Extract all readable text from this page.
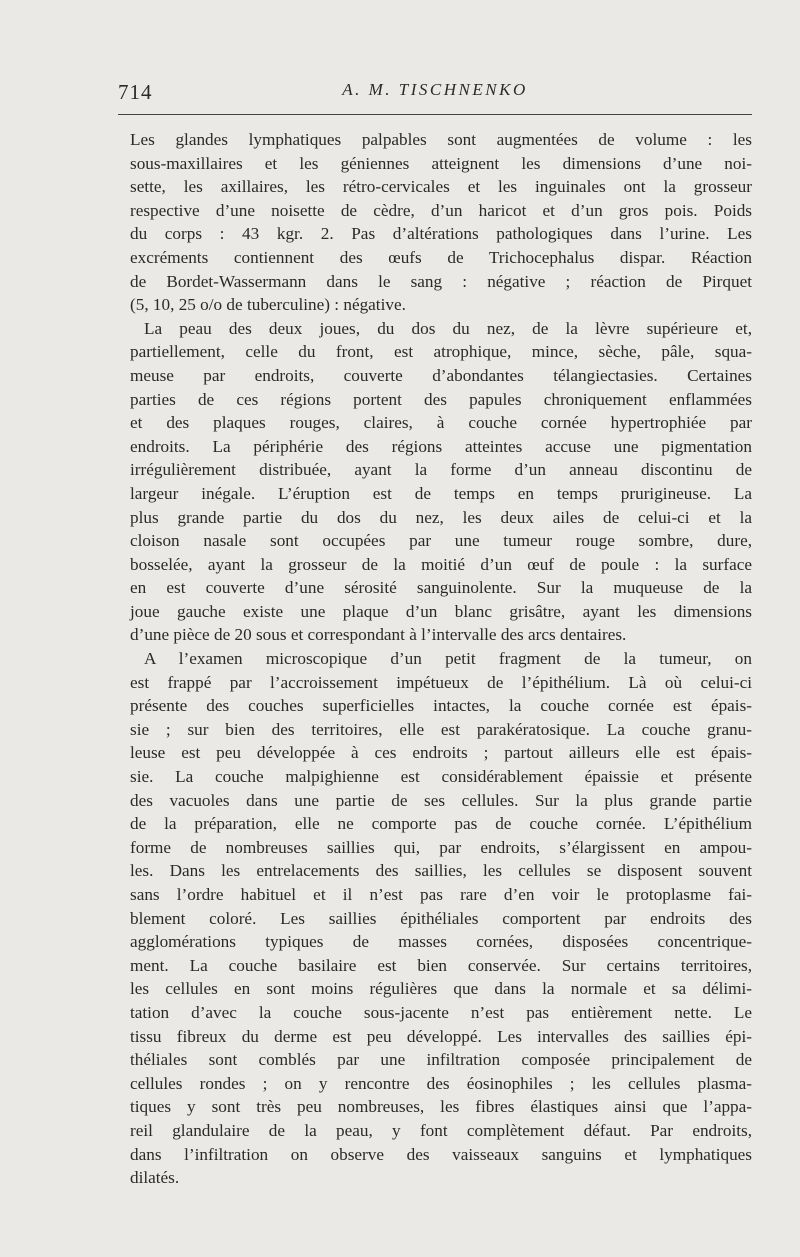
714	A. M. TISCHNENKO
Les glandes lymphatiques palpables sont augmentées de volume : les
sous-maxillaires et les géniennes atteignent les dimensions d’une noi-
sette, les axillaires, les rétro-cervicales et les inguinales ont la grosseur
respective d’une noisette de cèdre, d’un haricot et d’un gros pois. Poids
du corps : 43 kgr. 2. Pas d’altérations pathologiques dans l’urine. Les
excréments contiennent des œufs de Trichocephalus dispar. Réaction
de Bordet-Wassermann dans le sang : négative ; réaction de Pirquet
(5, 10, 25 o/o de tuberculine) : négative.
La peau des deux joues, du dos du nez, de la lèvre supérieure et,
partiellement, celle du front, est atrophique, mince, sèche, pâle, squa-
meuse par endroits, couverte d’abondantes télangiectasies. Certaines
parties de ces régions portent des papules chroniquement enflammées
et des plaques rouges, claires, à couche cornée hypertrophiée par
endroits. La périphérie des régions atteintes accuse une pigmentation
irrégulièrement distribuée, ayant la forme d’un anneau discontinu de
largeur inégale. L’éruption est de temps en temps prurigineuse. La
plus grande partie du dos du nez, les deux ailes de celui-ci et la
cloison nasale sont occupées par une tumeur rouge sombre, dure,
bosselée, ayant la grosseur de la moitié d’un œuf de poule : la surface
en est couverte d’une sérosité sanguinolente. Sur la muqueuse de la
joue gauche existe une plaque d’un blanc grisâtre, ayant les dimensions
d’une pièce de 20 sous et correspondant à l’intervalle des arcs dentaires.
A l’examen microscopique d’un petit fragment de la tumeur, on
est frappé par l’accroissement impétueux de l’épithélium. Là où celui-ci
présente des couches superficielles intactes, la couche cornée est épais-
sie ; sur bien des territoires, elle est parakératosique. La couche granu-
leuse est peu développée à ces endroits ; partout ailleurs elle est épais-
sie. La couche malpighienne est considérablement épaissie et présente
des vacuoles dans une partie de ses cellules. Sur la plus grande partie
de la préparation, elle ne comporte pas de couche cornée. L’épithélium
forme de nombreuses saillies qui, par endroits, s’élargissent en ampou-
les. Dans les entrelacements des saillies, les cellules se disposent souvent
sans l’ordre habituel et il n’est pas rare d’en voir le protoplasme fai-
blement coloré. Les saillies épithéliales comportent par endroits des
agglomérations typiques de masses cornées, disposées concentrique-
ment. La couche basilaire est bien conservée. Sur certains territoires,
les cellules en sont moins régulières que dans la normale et sa délimi-
tation d’avec la couche sous-jacente n’est pas entièrement nette. Le
tissu fibreux du derme est peu développé. Les intervalles des saillies épi-
théliales sont comblés par une infiltration composée principalement de
cellules rondes ; on y rencontre des éosinophiles ; les cellules plasma-
tiques y sont très peu nombreuses, les fibres élastiques ainsi que l’appa-
reil glandulaire de la peau, y font complètement défaut. Par endroits,
dans l’infiltration on observe des vaisseaux sanguins et lymphatiques
dilatés.
